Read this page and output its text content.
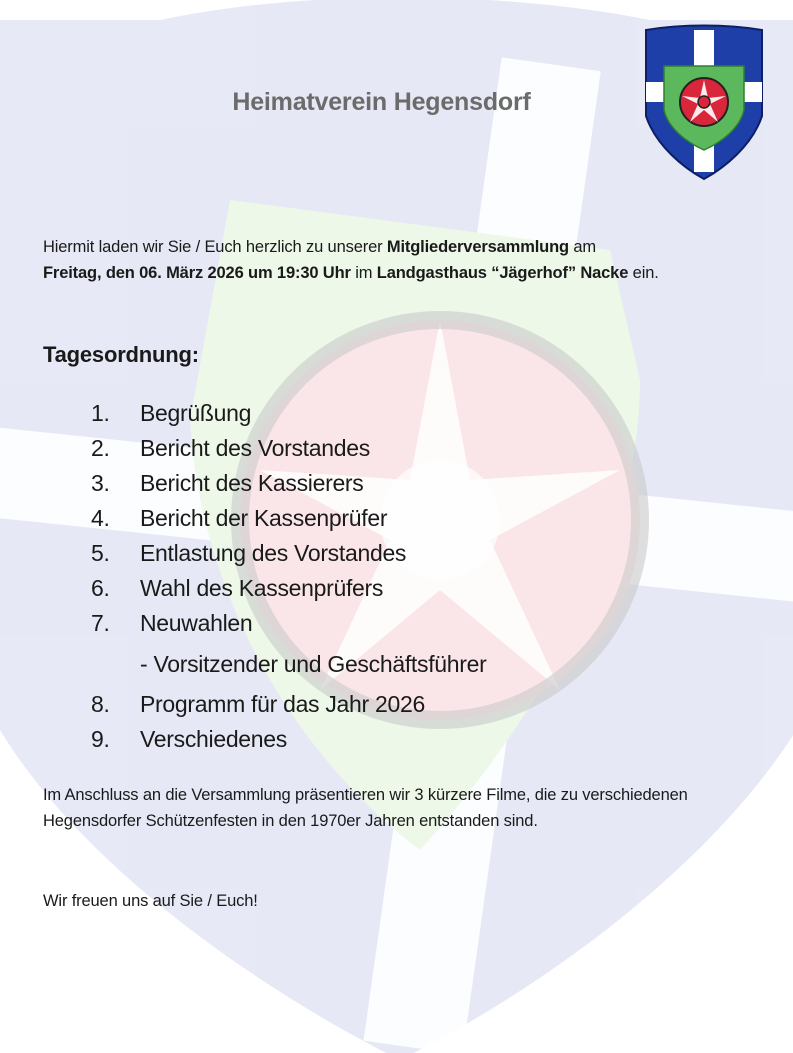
Heimatverein Hegensdorf

Hiermit laden wir Sie / Euch herzlich zu unserer Mitgliederversammlung am
Freitag, den 06. März 2026 um 19:30 Uhr im Landgasthaus “Jägerhof” Nacke ein.

Tagesordnung:
1. Begrüßung
2. Bericht des Vorstandes
3. Bericht des Kassierers
4. Bericht der Kassenprüfer
5. Entlastung des Vorstandes
6. Wahl des Kassenprüfers
7. Neuwahlen
- Vorsitzender und Geschäftsführer
8. Programm für das Jahr 2026
9. Verschiedenes

Im Anschluss an die Versammlung präsentieren wir 3 kürzere Filme, die zu verschiedenen Hegensdorfer Schützenfesten in den 1970er Jahren entstanden sind.

Wir freuen uns auf Sie / Euch!
